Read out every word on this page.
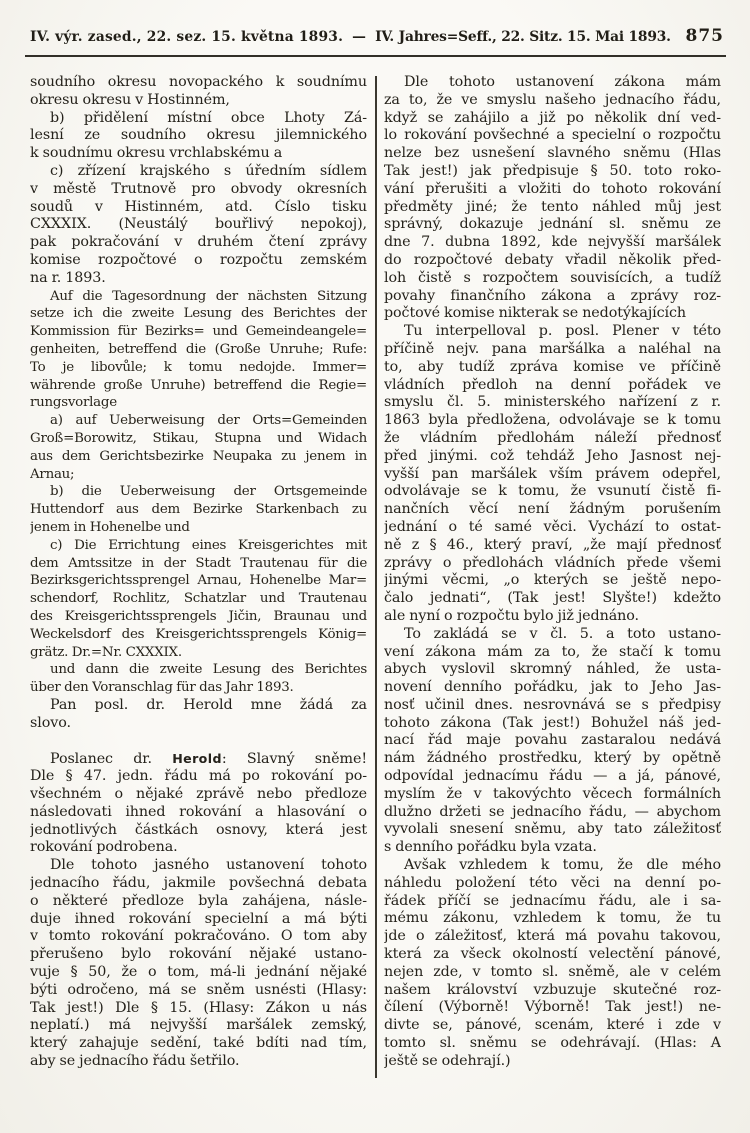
IV. výr. zased., 22. sez. 15. května 1893. — IV. Jahres=Seff., 22. Sitz. 15. Mai 1893. 875
soudního okresu novopackého k soudnímu
okresu okresu v Hostinném,
b) přidělení místní obce Lhoty Zá-
lesní ze soudního okresu jilemnického
k soudnímu okresu vrchlabskému a
c) zřízení krajského s úředním sídlem
v městě Trutnově pro obvody okresních
soudů v Histinném, atd. Číslo tisku
CXXXIX. (Neustálý bouřlivý nepokoj),
pak pokračování v druhém čtení zprávy
komise rozpočtové o rozpočtu zemském
na r. 1893.
Auf die Tagesordnung der nächsten Sitzung
setze ich die zweite Lesung des Berichtes der
Kommission für Bezirks= und Gemeindeangele=
genheiten, betreffend die (Große Unruhe; Rufe:
To je libovůle; k tomu nedojde. Immer=
währende große Unruhe) betreffend die Regie=
rungsvorlage
a) auf Ueberweisung der Orts=Gemeinden
Groß=Borowitz, Stikau, Stupna und Widach
aus dem Gerichtsbezirke Neupaka zu jenem in
Arnau;
b) die Ueberweisung der Ortsgemeinde
Huttendorf aus dem Bezirke Starkenbach zu
jenem in Hohenelbe und
c) Die Errichtung eines Kreisgerichtes mit
dem Amtssitze in der Stadt Trautenau für die
Bezirksgerichtssprengel Arnau, Hohenelbe Mar=
schendorf, Rochlitz, Schatzlar und Trautenau
des Kreisgerichtssprengels Jičin, Braunau und
Weckelsdorf des Kreisgerichtssprengels König=
grätz. Dr.=Nr. CXXXIX.
und dann die zweite Lesung des Berichtes
über den Voranschlag für das Jahr 1893.
Pan posl. dr. Herold mne žádá za
slovo.
Poslanec dr. Herold: Slavný sněme!
Dle § 47. jedn. řádu má po rokování po-
všechném o nějaké zprávě nebo předloze
následovati ihned rokování a hlasování o
jednotlivých částkách osnovy, která jest
rokování podrobena.
Dle tohoto jasného ustanovení tohoto
jednacího řádu, jakmile povšechná debata
o některé předloze byla zahájena, násle-
duje ihned rokování specielní a má býti
v tomto rokování pokračováno. O tom aby
přerušeno bylo rokování nějaké ustano-
vuje § 50, že o tom, má-li jednání nějaké
býti odročeno, má se sněm usnésti (Hlasy:
Tak jest!) Dle § 15. (Hlasy: Zákon u nás
neplatí.) má nejvyšší maršálek zemský,
který zahajuje sedění, také bdíti nad tím,
aby se jednacího řádu šetřilo.
Dle tohoto ustanovení zákona mám
za to, že ve smyslu našeho jednacího řádu,
když se zahájilo a již po několik dní ved-
lo rokování povšechné a specielní o rozpočtu
nelze bez usnešení slavného sněmu (Hlas
Tak jest!) jak předpisuje § 50. toto roko-
vání přerušiti a vložiti do tohoto rokování
předměty jiné; že tento náhled můj jest
správný, dokazuje jednání sl. sněmu ze
dne 7. dubna 1892, kde nejvyšší maršálek
do rozpočtové debaty vřadil několik před-
loh čistě s rozpočtem souvisících, a tudíž
povahy finančního zákona a zprávy roz-
počtové komise nikterak se nedotýkajících
Tu interpelloval p. posl. Plener v této
příčině nejv. pana maršálka a naléhal na
to, aby tudíž zpráva komise ve příčině
vládních předloh na denní pořádek ve
smyslu čl. 5. ministerského nařízení z r.
1863 byla předložena, odvolávaje se k tomu
že vládním předlohám náleží přednosť
před jinými. což tehdáž Jeho Jasnost nej-
vyšší pan maršálek vším právem odepřel,
odvolávaje se k tomu, že vsunutí čistě fi-
nančních věcí není žádným porušením
jednání o té samé věci. Vychází to ostat-
ně z § 46., který praví, „že mají přednosť
zprávy o předlohách vládních přede všemi
jinými věcmi, „o kterých se ještě nepo-
čalo jednati“, (Tak jest! Slyšte!) kdežto
ale nyní o rozpočtu bylo již jednáno.
To zakládá se v čl. 5. a toto ustano-
vení zákona mám za to, že stačí k tomu
abych vyslovil skromný náhled, že usta-
novení denního pořádku, jak to Jeho Jas-
nosť učinil dnes. nesrovnává se s předpisy
tohoto zákona (Tak jest!) Bohužel náš jed-
nací řád maje povahu zastaralou nedává
nám žádného prostředku, který by opětně
odpovídal jednacímu řádu — a já, pánové,
myslím že v takovýchto věcech formálních
dlužno držeti se jednacího řádu, — abychom
vyvolali snesení sněmu, aby tato záležitosť
s denního pořádku byla vzata.
Avšak vzhledem k tomu, že dle mého
náhledu položení této věci na denní po-
řádek příčí se jednacímu řádu, ale i sa-
mému zákonu, vzhledem k tomu, že tu
jde o záležitosť, která má povahu takovou,
která za všeck okolností velectění pánové,
nejen zde, v tomto sl. sněmě, ale v celém
našem království vzbuzuje skutečné roz-
čílení (Výborně! Výborně! Tak jest!) ne-
divte se, pánové, scenám, které i zde v
tomto sl. sněmu se odehrávají. (Hlas: A
ještě se odehrají.)
